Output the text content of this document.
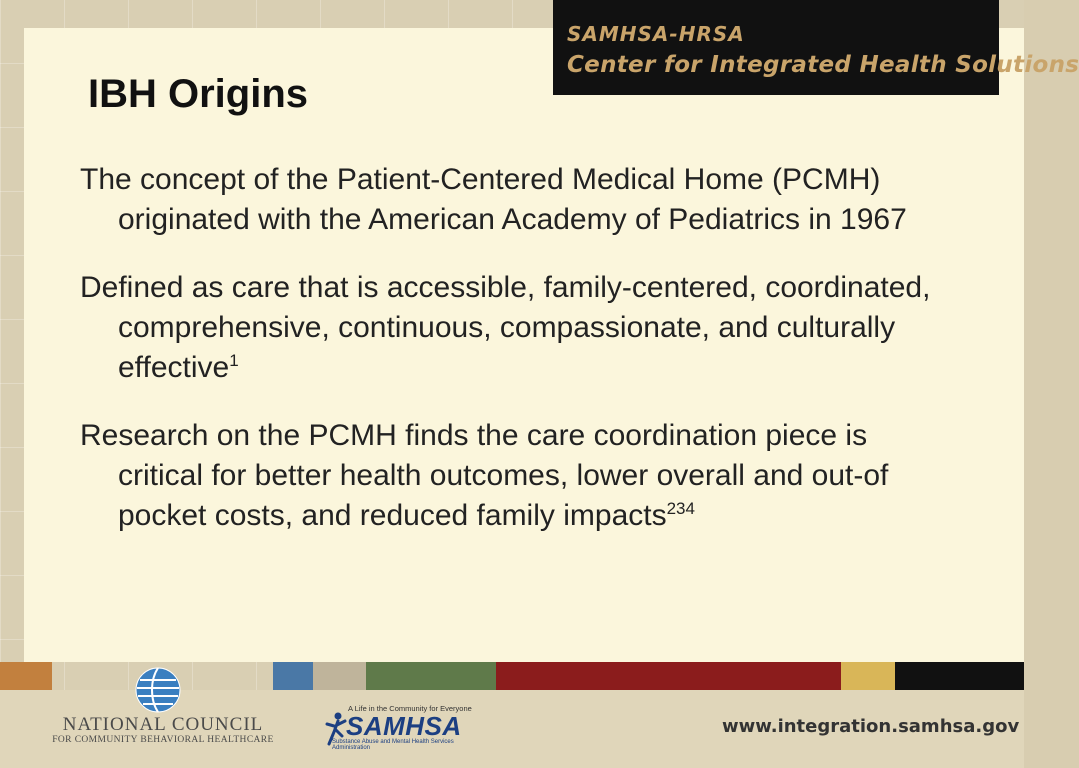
SAMHSA-HRSA
Center for Integrated Health Solutions
IBH Origins

The concept of the Patient-Centered Medical Home (PCMH) originated with the American Academy of Pediatrics in 1967

Defined as care that is accessible, family-centered, coordinated, comprehensive, continuous, compassionate, and culturally effective$^1$

Research on the PCMH finds the care coordination piece is critical for better health outcomes, lower overall and out-of pocket costs, and reduced family impacts$^{234}$

NATIONAL COUNCIL
FOR COMMUNITY BEHAVIORAL HEALTHCARE
A Life in the Community for Everyone
SAMHSA
Substance Abuse and Mental Health Services Administration
www.integration.samhsa.gov
